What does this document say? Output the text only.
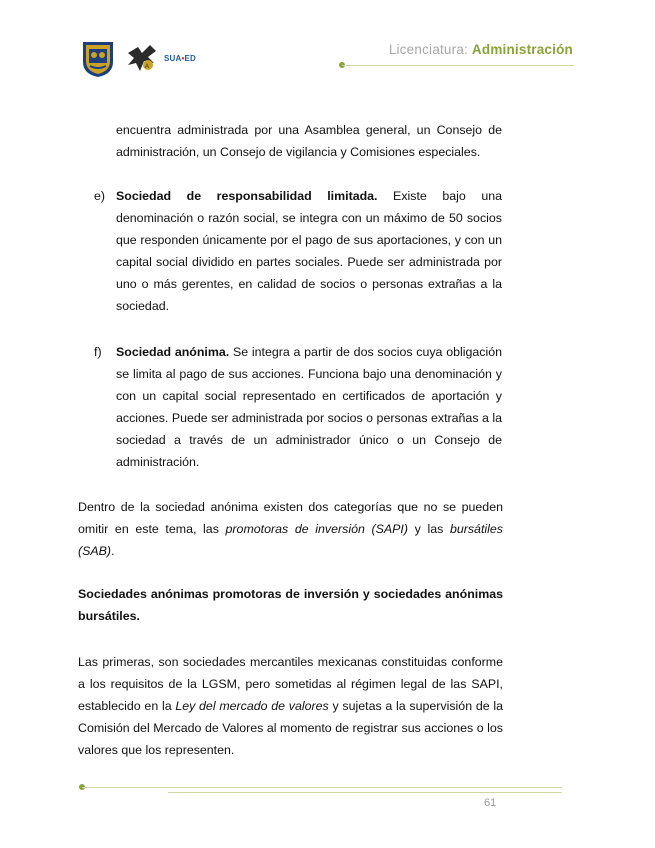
A
SUA•ED
Licenciatura: Administración
encuentra administrada por una Asamblea general, un Consejo de administración, un Consejo de vigilancia y Comisiones especiales.
e) Sociedad de responsabilidad limitada. Existe bajo una denominación o razón social, se integra con un máximo de 50 socios que responden únicamente por el pago de sus aportaciones, y con un capital social dividido en partes sociales. Puede ser administrada por uno o más gerentes, en calidad de socios o personas extrañas a la sociedad.
f) Sociedad anónima. Se integra a partir de dos socios cuya obligación se limita al pago de sus acciones. Funciona bajo una denominación y con un capital social representado en certificados de aportación y acciones. Puede ser administrada por socios o personas extrañas a la sociedad a través de un administrador único o un Consejo de administración.
Dentro de la sociedad anónima existen dos categorías que no se pueden omitir en este tema, las promotoras de inversión (SAPI) y las bursátiles (SAB).
Sociedades anónimas promotoras de inversión y sociedades anónimas bursátiles.
Las primeras, son sociedades mercantiles mexicanas constituidas conforme a los requisitos de la LGSM, pero sometidas al régimen legal de las SAPI, establecido en la Ley del mercado de valores y sujetas a la supervisión de la Comisión del Mercado de Valores al momento de registrar sus acciones o los valores que los representen.
61
